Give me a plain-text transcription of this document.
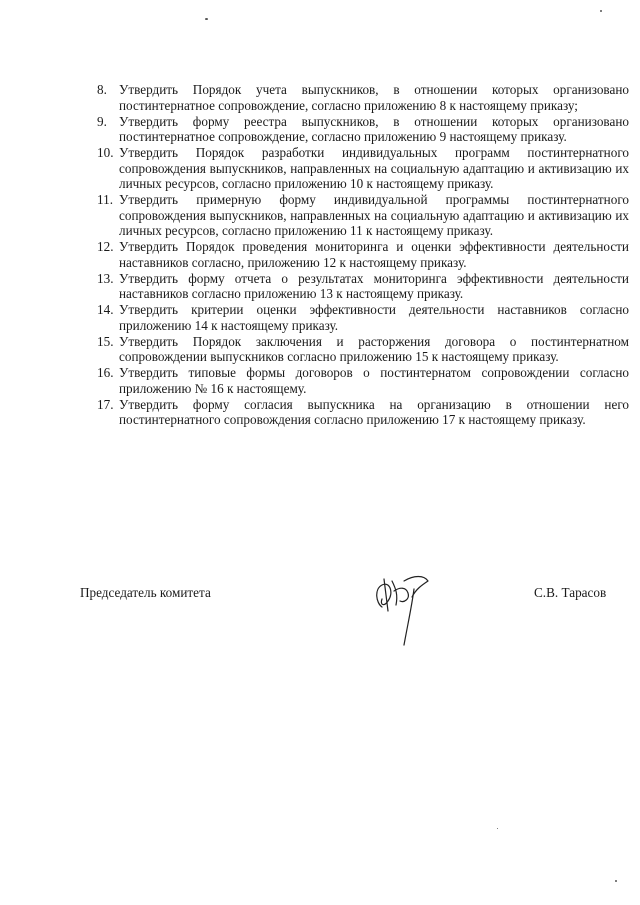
8. Утвердить Порядок учета выпускников, в отношении которых организовано постинтернатное сопровождение, согласно приложению 8 к настоящему приказу;
9. Утвердить форму реестра выпускников, в отношении которых организовано постинтернатное сопровождение, согласно приложению 9 настоящему приказу.
10. Утвердить Порядок разработки индивидуальных программ постинтернатного сопровождения выпускников, направленных на социальную адаптацию и активизацию их личных ресурсов, согласно приложению 10 к настоящему приказу.
11. Утвердить примерную форму индивидуальной программы постинтернатного сопровождения выпускников, направленных на социальную адаптацию и активизацию их личных ресурсов, согласно приложению 11 к настоящему приказу.
12. Утвердить Порядок проведения мониторинга и оценки эффективности деятельности наставников согласно, приложению 12 к настоящему приказу.
13. Утвердить форму отчета о результатах мониторинга эффективности деятельности наставников согласно приложению 13 к настоящему приказу.
14. Утвердить критерии оценки эффективности деятельности наставников согласно приложению 14 к настоящему приказу.
15. Утвердить Порядок заключения и расторжения договора о постинтернатном сопровождении выпускников согласно приложению 15 к настоящему приказу.
16. Утвердить типовые формы договоров о постинтернатом сопровождении согласно приложению № 16 к настоящему.
17. Утвердить форму согласия выпускника на организацию в отношении него постинтернатного сопровождения согласно приложению 17 к настоящему приказу.
Председатель комитета	С.В. Тарасов
